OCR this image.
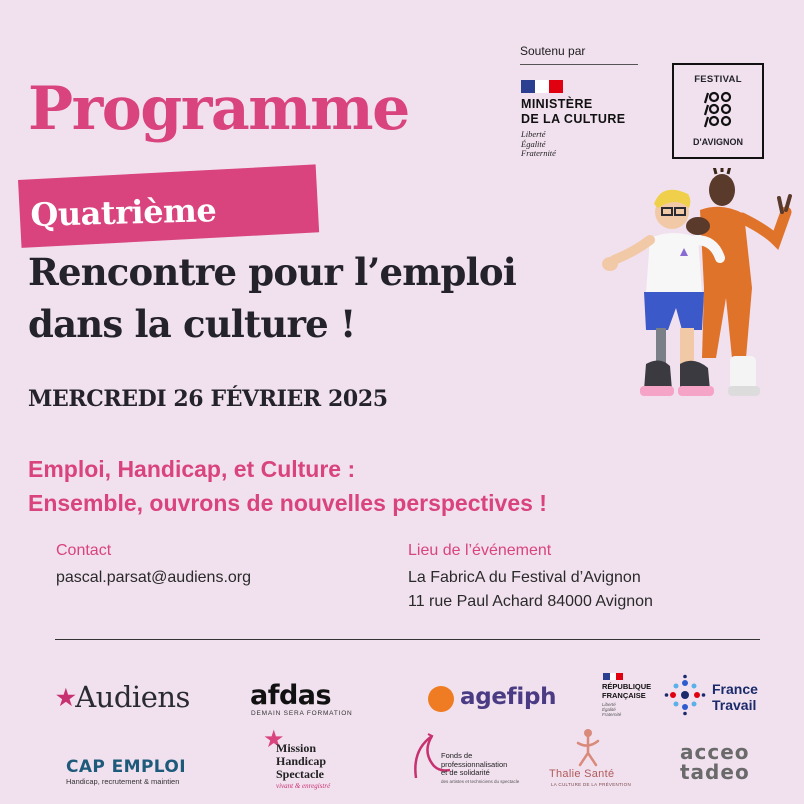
Soutenu par
MINISTÈRE
DE LA CULTURE
Liberté
Égalité
Fraternité
FESTIVAL
D'AVIGNON
Programme
Quatrième
Rencontre pour l’emploi
dans la culture !
MERCREDI 26 FÉVRIER 2025
Emploi, Handicap, et Culture :
Ensemble, ouvrons de nouvelles perspectives !
Contact
pascal.parsat@audiens.org
Lieu de l’événement
La FabricA du Festival d’Avignon
11 rue Paul Achard 84000 Avignon
★Audiens afdas
DEMAIN SERA FORMATION
agefiph	RÉPUBLIQUE
FRANÇAISE
Liberté
Égalité
Fraternité
France
Travail
CAP EMPLOI
Handicap, recrutement & maintien
★
Mission
Handicap
Spectacle
vivant & enregistré
Fonds de
professionnalisation
et de solidarité
des artistes et techniciens du spectacle
Thalie Santé
LA CULTURE DE LA PRÉVENTION
acceo
tadeo
